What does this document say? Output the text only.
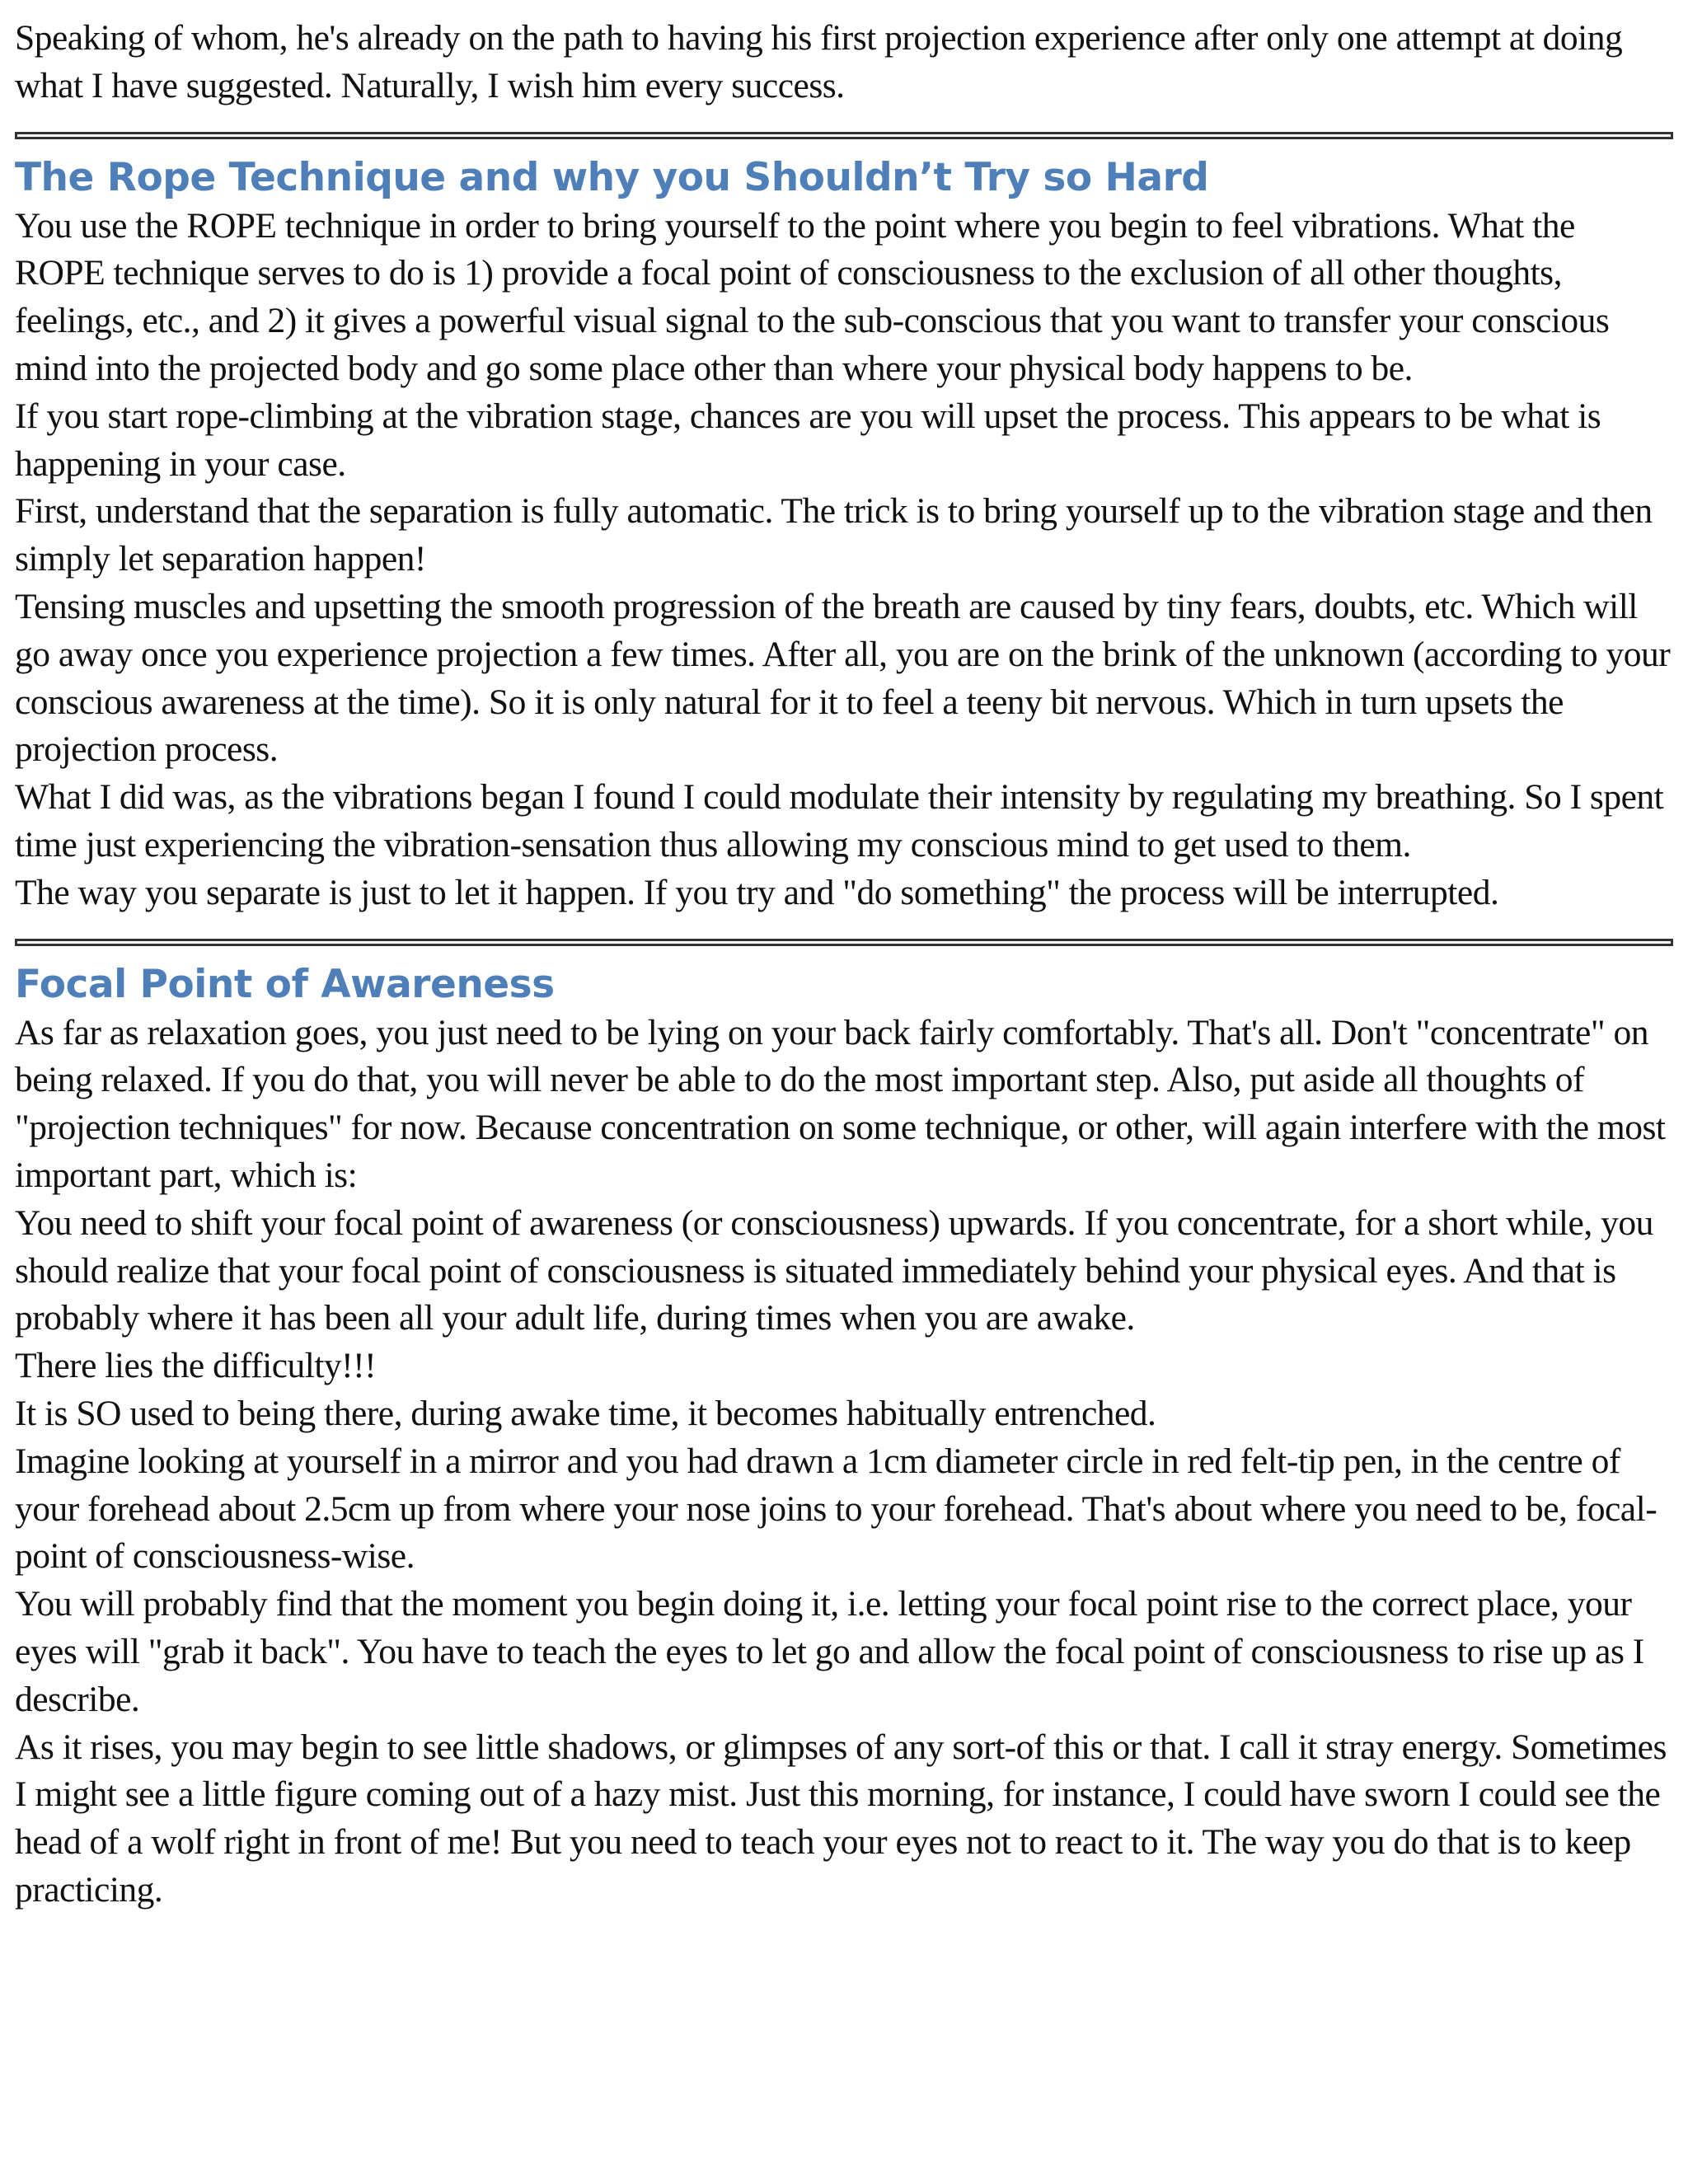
Speaking of whom, he's already on the path to having his first projection experience after only one attempt at doing what I have suggested. Naturally, I wish him every success.

The Rope Technique and why you Shouldn’t Try so Hard

You use the ROPE technique in order to bring yourself to the point where you begin to feel vibrations. What the ROPE technique serves to do is 1) provide a focal point of consciousness to the exclusion of all other thoughts, feelings, etc., and 2) it gives a powerful visual signal to the sub-conscious that you want to transfer your conscious mind into the projected body and go some place other than where your physical body happens to be.

If you start rope-climbing at the vibration stage, chances are you will upset the process. This appears to be what is happening in your case.

First, understand that the separation is fully automatic. The trick is to bring yourself up to the vibration stage and then simply let separation happen!

Tensing muscles and upsetting the smooth progression of the breath are caused by tiny fears, doubts, etc. Which will go away once you experience projection a few times. After all, you are on the brink of the unknown (according to your conscious awareness at the time). So it is only natural for it to feel a teeny bit nervous. Which in turn upsets the projection process.

What I did was, as the vibrations began I found I could modulate their intensity by regulating my breathing. So I spent time just experiencing the vibration-sensation thus allowing my conscious mind to get used to them.

The way you separate is just to let it happen. If you try and "do something" the process will be interrupted.

Focal Point of Awareness

As far as relaxation goes, you just need to be lying on your back fairly comfortably. That's all. Don't "concentrate" on being relaxed. If you do that, you will never be able to do the most important step. Also, put aside all thoughts of "projection techniques" for now. Because concentration on some technique, or other, will again interfere with the most important part, which is:

You need to shift your focal point of awareness (or consciousness) upwards. If you concentrate, for a short while, you should realize that your focal point of consciousness is situated immediately behind your physical eyes. And that is probably where it has been all your adult life, during times when you are awake.

There lies the difficulty!!!

It is SO used to being there, during awake time, it becomes habitually entrenched.

Imagine looking at yourself in a mirror and you had drawn a 1cm diameter circle in red felt-tip pen, in the centre of your forehead about 2.5cm up from where your nose joins to your forehead. That's about where you need to be, focal-point of consciousness-wise.

You will probably find that the moment you begin doing it, i.e. letting your focal point rise to the correct place, your eyes will "grab it back". You have to teach the eyes to let go and allow the focal point of consciousness to rise up as I describe.

As it rises, you may begin to see little shadows, or glimpses of any sort-of this or that. I call it stray energy. Sometimes I might see a little figure coming out of a hazy mist. Just this morning, for instance, I could have sworn I could see the head of a wolf right in front of me! But you need to teach your eyes not to react to it. The way you do that is to keep practicing.
